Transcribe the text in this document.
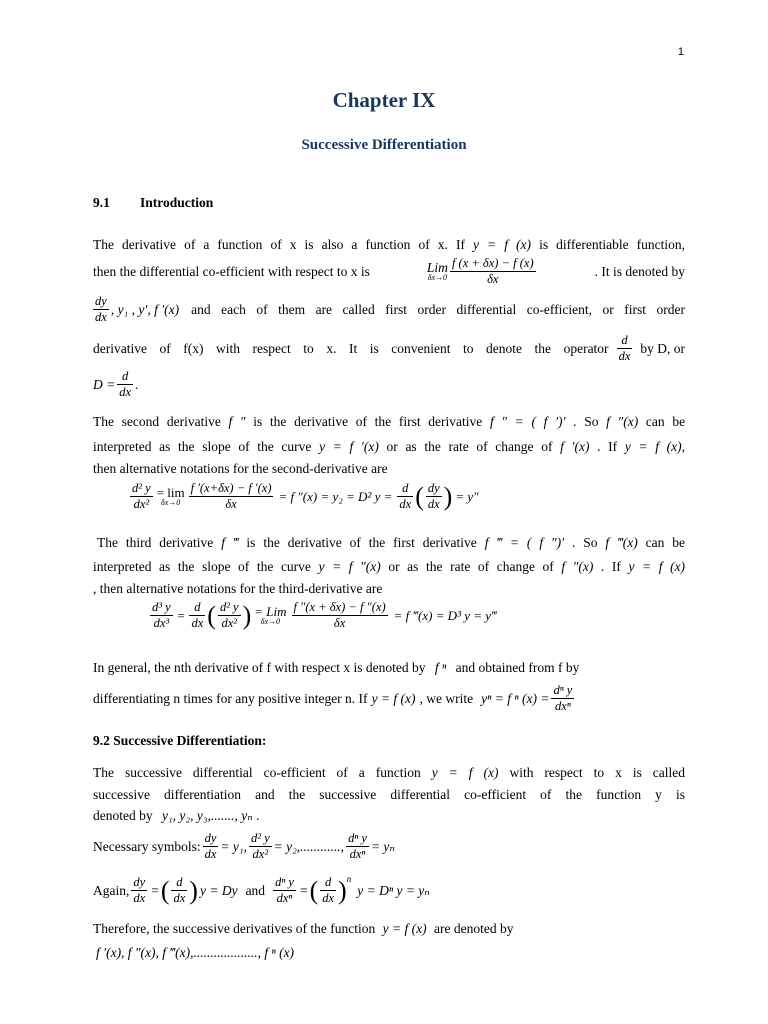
1
Chapter IX
Successive Differentiation
9.1 Introduction
The derivative of a function of x is also a function of x. If y = f (x) is differentiable function,
then the differential co-efficient with respect to x is	Lim
$\delta x\to 0 \frac{f (x + \delta x) - f (x)}{\delta x}$	. It is denoted by
$\frac{dy}{dx}$ , y₁ , y′, f ′(x) and each of them are called first order differential co-efficient, or first order
derivative of f(x) with respect to x. It is convenient to denote the operator $\frac{d}{dx}$ by D, or
$D = \frac{d}{dx}$ .
The second derivative f ″ is the derivative of the first derivative f ″ = ( f ′)′ . So f ″(x) can be
interpreted as the slope of the curve y = f ′(x) or as the rate of change of f ′(x) . If y = f (x),
then alternative notations for the second-derivative are
$\frac{\text{d² y}}{\text{dx²}} = \lim$
$\delta x\to 0 \frac{f '(x+\delta x) - f '(x)}{\delta x} = f$ ″(x) = y₂ = D² $y = \frac{d}{dx}$ ( $\frac{dy}{dx}$ ) = y″
The third derivative f ‴ is the derivative of the first derivative f ‴ = ( f ″)′ . So f ‴(x) can be
interpreted as the slope of the curve y = f ″(x) or as the rate of change of f ″(x) . If y = f (x)
, then alternative notations for the third-derivative are
$\frac{\text{d³ y}}{\text{dx³}} = \frac{d}{dx}$ ( $\frac{\text{d² y}}{\text{dx²}}$ ) = Lim
$\delta x\to 0 \frac{f ''(x + \delta x) - f ''(x)}{\delta x} = f$ ‴(x) = D³ y = y‴
In general, the nth derivative of f with respect x is denoted by f ⁿ and obtained from f by
differentiating n times for any positive integer n. If y = f (x) , we write yⁿ = f ⁿ $(x) = \frac{\text{dⁿ y}}{\text{dxⁿ}}$
9.2 Successive Differentiation:
The successive differential co-efficient of a function y = f (x) with respect to x is called
successive differentiation and the successive differential co-efficient of the function y is
denoted by y₁, y₂, y₃,......., yₙ .
Necessary symbols: $\frac{dy}{dx} = y_1$, $\frac{\text{d² y}}{\text{dx²}} = y_2$,............, $\frac{\text{dⁿ y}}{\text{dxⁿ}} = y_n$
Again, $\frac{dy}{dx}$ = ( $\frac{d}{dx}$ ) y = Dy and $\frac{\text{dⁿ y}}{\text{dxⁿ}}$ = ( $\frac{d}{dx}$ ) n
y = Dⁿ y = yₙ
Therefore, the successive derivatives of the function y = f (x) are denoted by
f ′(x), f ″(x), f ‴(x),..................., f ⁿ (x)
